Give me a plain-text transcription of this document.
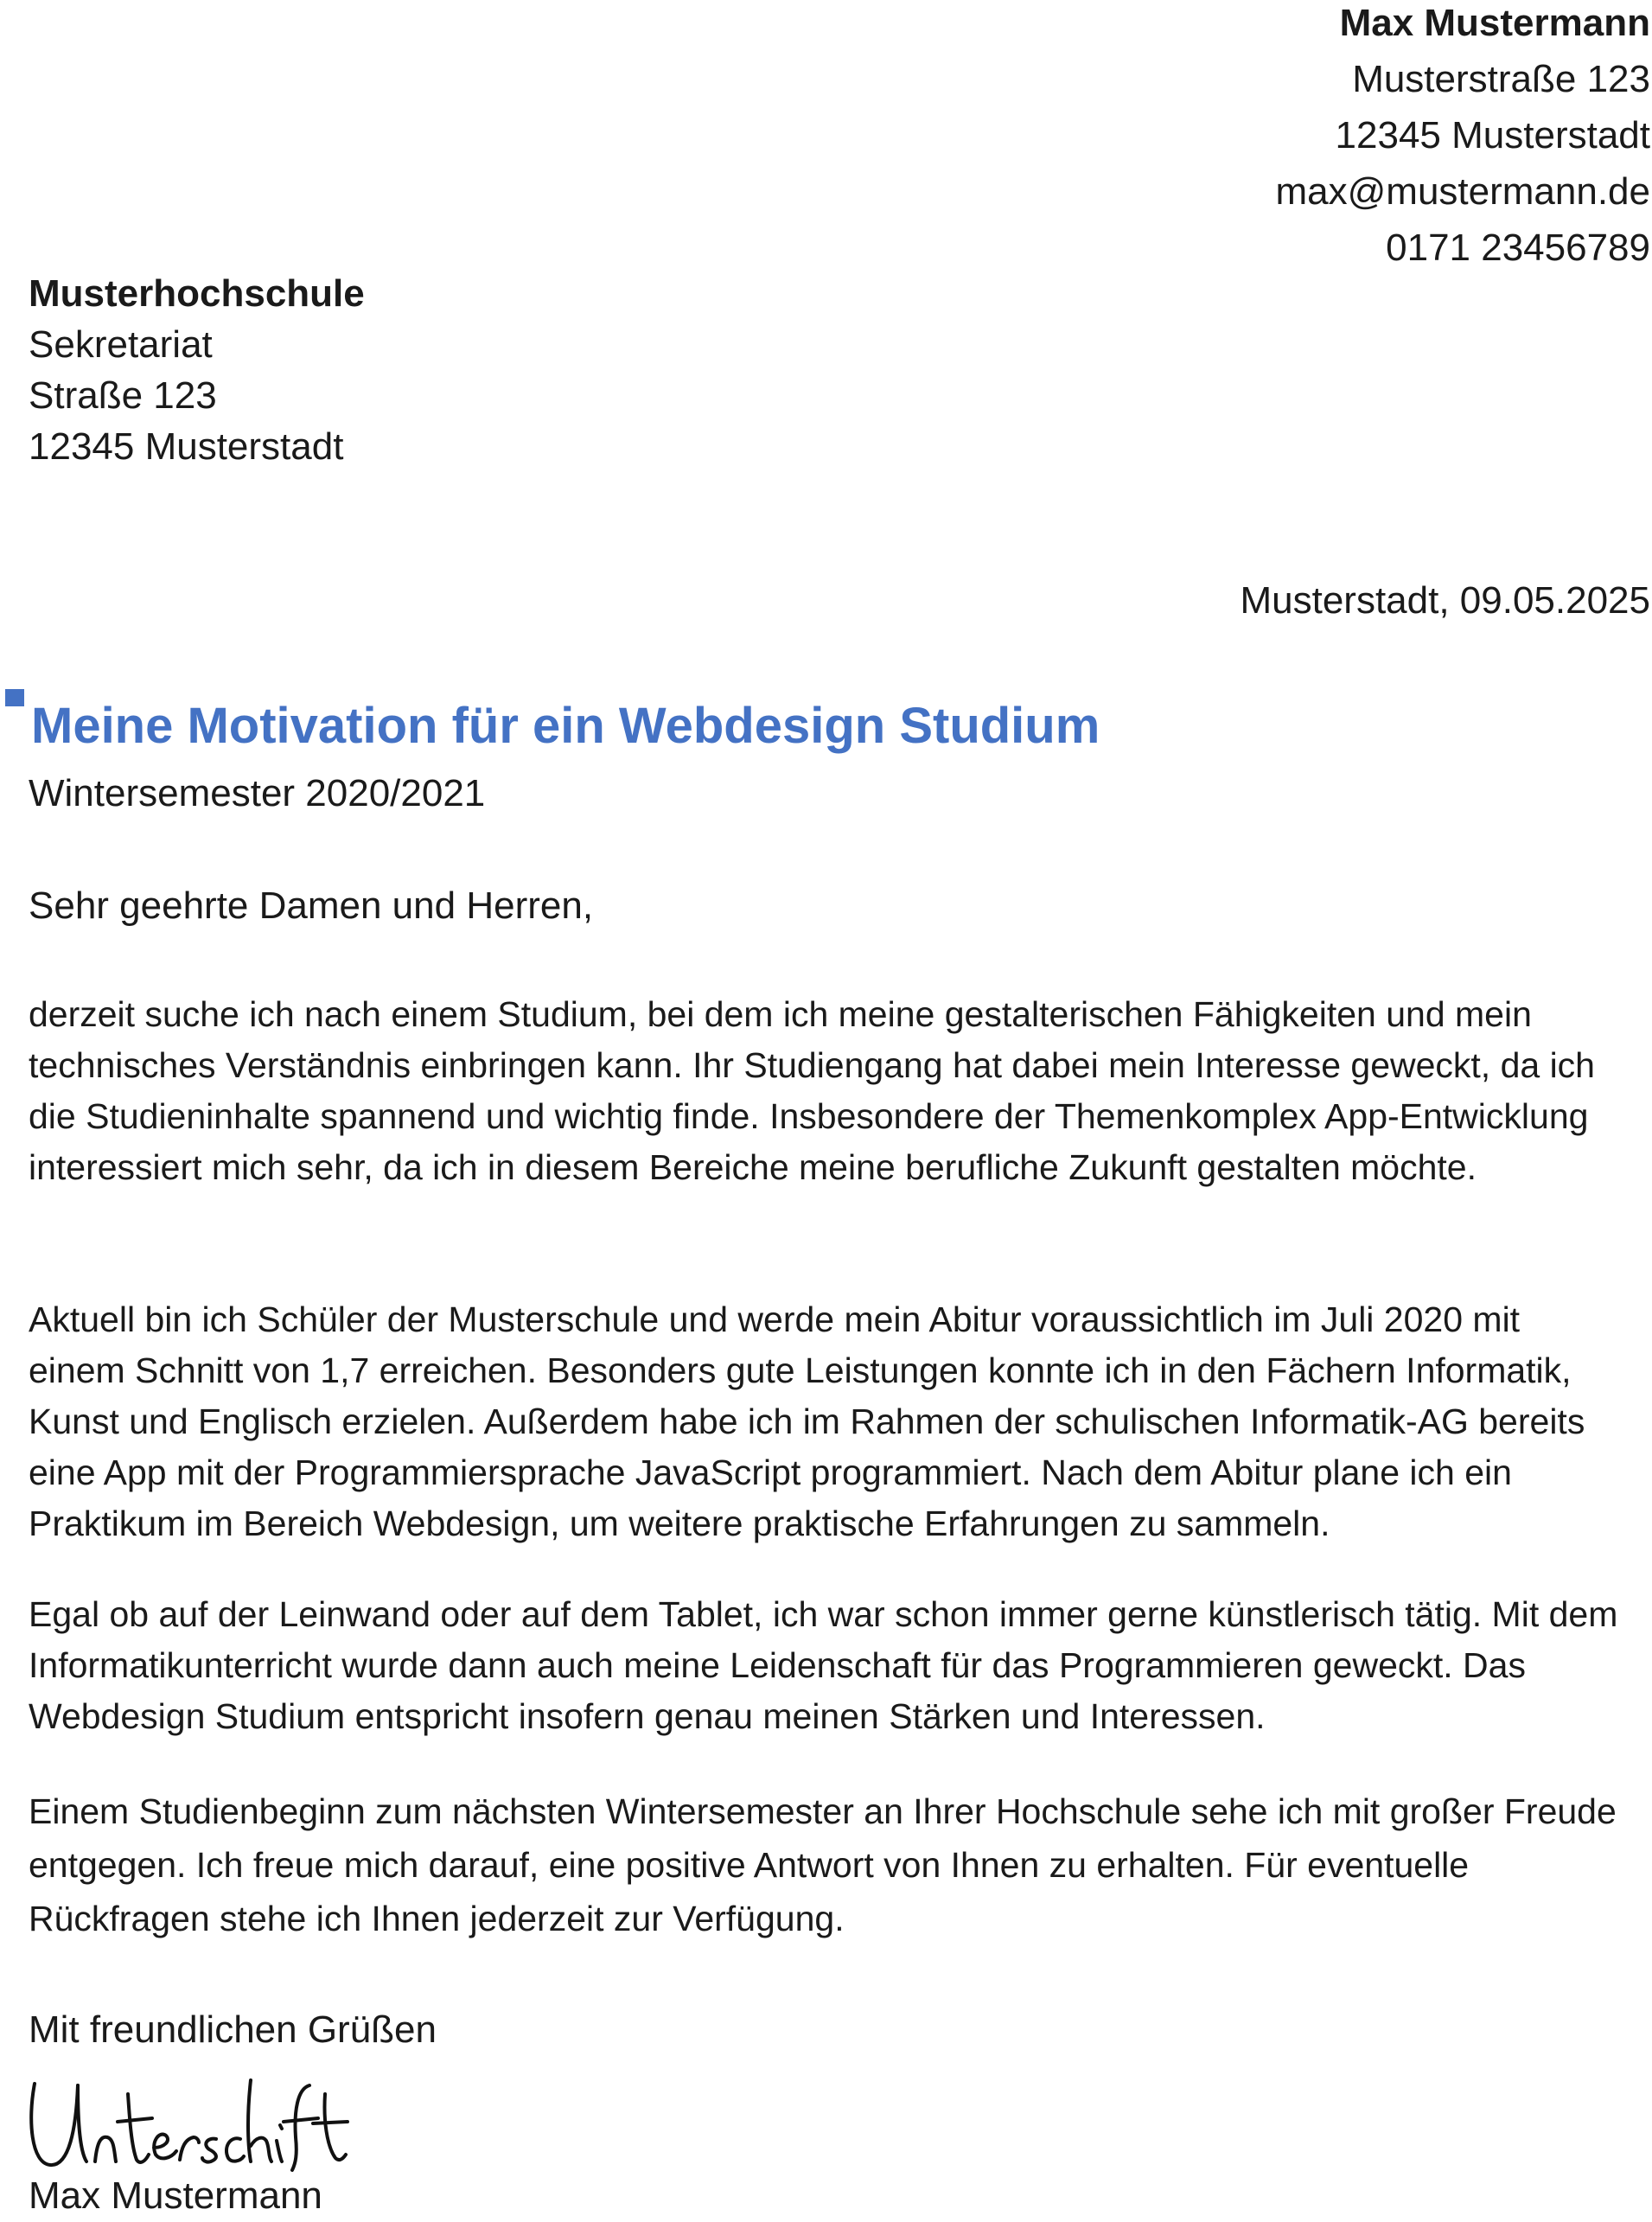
Max Mustermann
Musterstraße 123
12345 Musterstadt
max@mustermann.de
0171 23456789
Musterhochschule
Sekretariat
Straße 123
12345 Musterstadt
Musterstadt, 09.05.2025
Meine Motivation für ein Webdesign Studium
Wintersemester 2020/2021
Sehr geehrte Damen und Herren,
derzeit suche ich nach einem Studium, bei dem ich meine gestalterischen Fähigkeiten und mein technisches Verständnis einbringen kann. Ihr Studiengang hat dabei mein Interesse geweckt, da ich die Studieninhalte spannend und wichtig finde. Insbesondere der Themenkomplex App-Entwicklung interessiert mich sehr, da ich in diesem Bereiche meine berufliche Zukunft gestalten möchte.
Aktuell bin ich Schüler der Musterschule und werde mein Abitur voraussichtlich im Juli 2020 mit einem Schnitt von 1,7 erreichen. Besonders gute Leistungen konnte ich in den Fächern Informatik, Kunst und Englisch erzielen. Außerdem habe ich im Rahmen der schulischen Informatik-AG bereits eine App mit der Programmiersprache JavaScript programmiert. Nach dem Abitur plane ich ein Praktikum im Bereich Webdesign, um weitere praktische Erfahrungen zu sammeln.
Egal ob auf der Leinwand oder auf dem Tablet, ich war schon immer gerne künstlerisch tätig. Mit dem Informatikunterricht wurde dann auch meine Leidenschaft für das Programmieren geweckt. Das Webdesign Studium entspricht insofern genau meinen Stärken und Interessen.
Einem Studienbeginn zum nächsten Wintersemester an Ihrer Hochschule sehe ich mit großer Freude entgegen. Ich freue mich darauf, eine positive Antwort von Ihnen zu erhalten. Für eventuelle Rückfragen stehe ich Ihnen jederzeit zur Verfügung.
Mit freundlichen Grüßen
Max Mustermann
